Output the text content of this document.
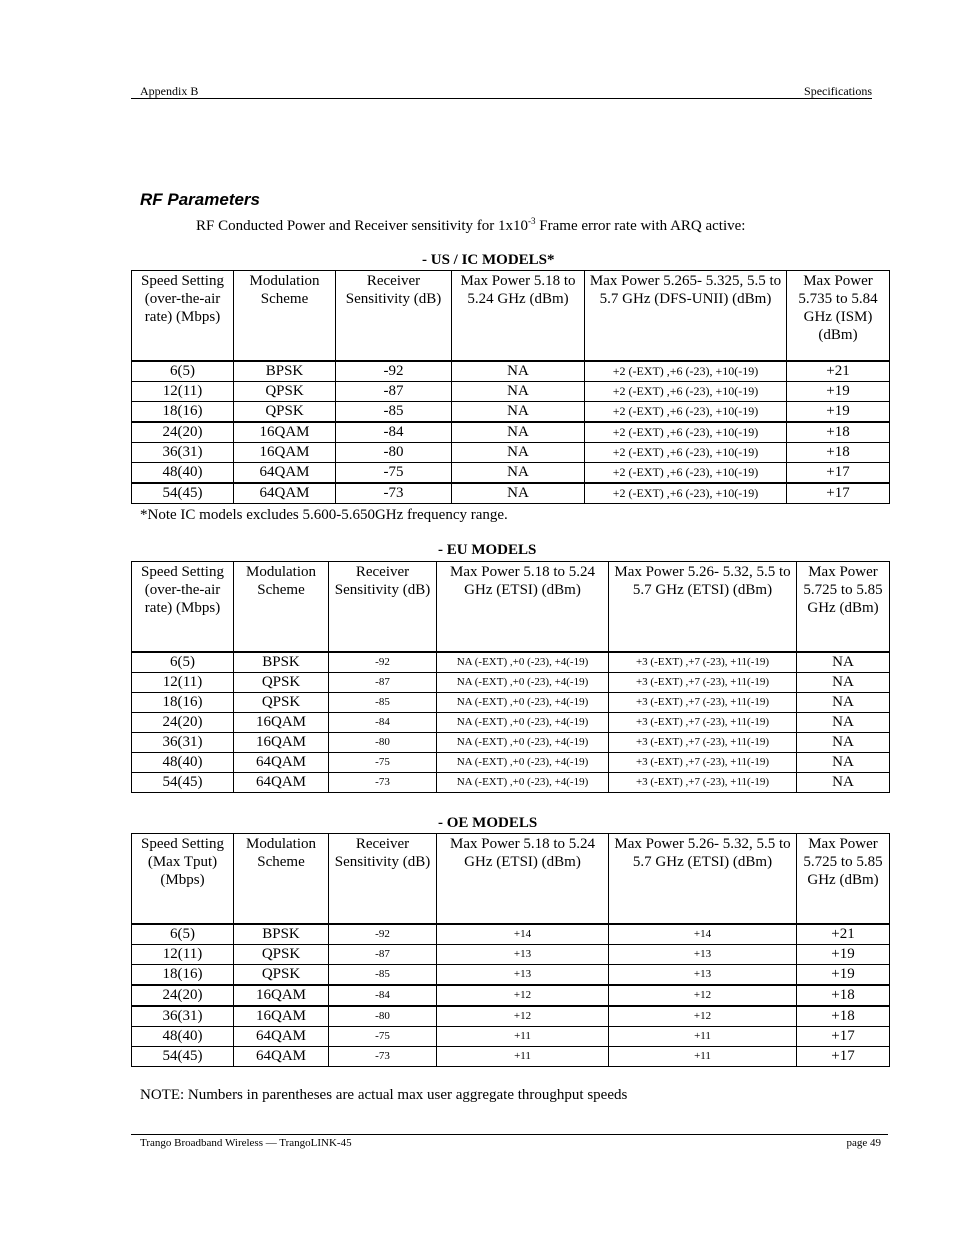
Appendix B	Specifications
RF Parameters
RF Conducted Power and Receiver sensitivity for $1x10^{-3}$ Frame error rate with ARQ active:
- US / IC MODELS*
Speed Setting (over-the-air rate) (Mbps)	Modulation Scheme	Receiver Sensitivity (dB)	Max Power 5.18 to 5.24 GHz (dBm)	Max Power 5.265- 5.325, 5.5 to 5.7 GHz (DFS-UNII) (dBm)	Max Power 5.735 to 5.84 GHz (ISM) (dBm)
6(5)	BPSK	-92	NA	+2 (-EXT) ,+6 (-23), +10(-19)	+21
12(11)	QPSK	-87	NA	+2 (-EXT) ,+6 (-23), +10(-19)	+19
18(16)	QPSK	-85	NA	+2 (-EXT) ,+6 (-23), +10(-19)	+19
24(20)	16QAM	-84	NA	+2 (-EXT) ,+6 (-23), +10(-19)	+18
36(31)	16QAM	-80	NA	+2 (-EXT) ,+6 (-23), +10(-19)	+18
48(40)	64QAM	-75	NA	+2 (-EXT) ,+6 (-23), +10(-19)	+17
54(45)	64QAM	-73	NA	+2 (-EXT) ,+6 (-23), +10(-19)	+17
*Note IC models excludes 5.600-5.650GHz frequency range.
- EU MODELS
Speed Setting (over-the-air rate) (Mbps)	Modulation Scheme	Receiver Sensitivity (dB)	Max Power 5.18 to 5.24 GHz (ETSI) (dBm)	Max Power 5.26- 5.32, 5.5 to 5.7 GHz (ETSI) (dBm)	Max Power 5.725 to 5.85 GHz (dBm)
6(5)	BPSK	-92	NA (-EXT) ,+0 (-23), +4(-19)	+3 (-EXT) ,+7 (-23), +11(-19)	NA
12(11)	QPSK	-87	NA (-EXT) ,+0 (-23), +4(-19)	+3 (-EXT) ,+7 (-23), +11(-19)	NA
18(16)	QPSK	-85	NA (-EXT) ,+0 (-23), +4(-19)	+3 (-EXT) ,+7 (-23), +11(-19)	NA
24(20)	16QAM	-84	NA (-EXT) ,+0 (-23), +4(-19)	+3 (-EXT) ,+7 (-23), +11(-19)	NA
36(31)	16QAM	-80	NA (-EXT) ,+0 (-23), +4(-19)	+3 (-EXT) ,+7 (-23), +11(-19)	NA
48(40)	64QAM	-75	NA (-EXT) ,+0 (-23), +4(-19)	+3 (-EXT) ,+7 (-23), +11(-19)	NA
54(45)	64QAM	-73	NA (-EXT) ,+0 (-23), +4(-19)	+3 (-EXT) ,+7 (-23), +11(-19)	NA
- OE MODELS
Speed Setting (Max Tput) (Mbps)	Modulation Scheme	Receiver Sensitivity (dB)	Max Power 5.18 to 5.24 GHz (ETSI) (dBm)	Max Power 5.26- 5.32, 5.5 to 5.7 GHz (ETSI) (dBm)	Max Power 5.725 to 5.85 GHz (dBm)
6(5)	BPSK	-92	+14	+14	+21
12(11)	QPSK	-87	+13	+13	+19
18(16)	QPSK	-85	+13	+13	+19
24(20)	16QAM	-84	+12	+12	+18
36(31)	16QAM	-80	+12	+12	+18
48(40)	64QAM	-75	+11	+11	+17
54(45)	64QAM	-73	+11	+11	+17
NOTE: Numbers in parentheses are actual max user aggregate throughput speeds
Trango Broadband Wireless — TrangoLINK-45	page 49
